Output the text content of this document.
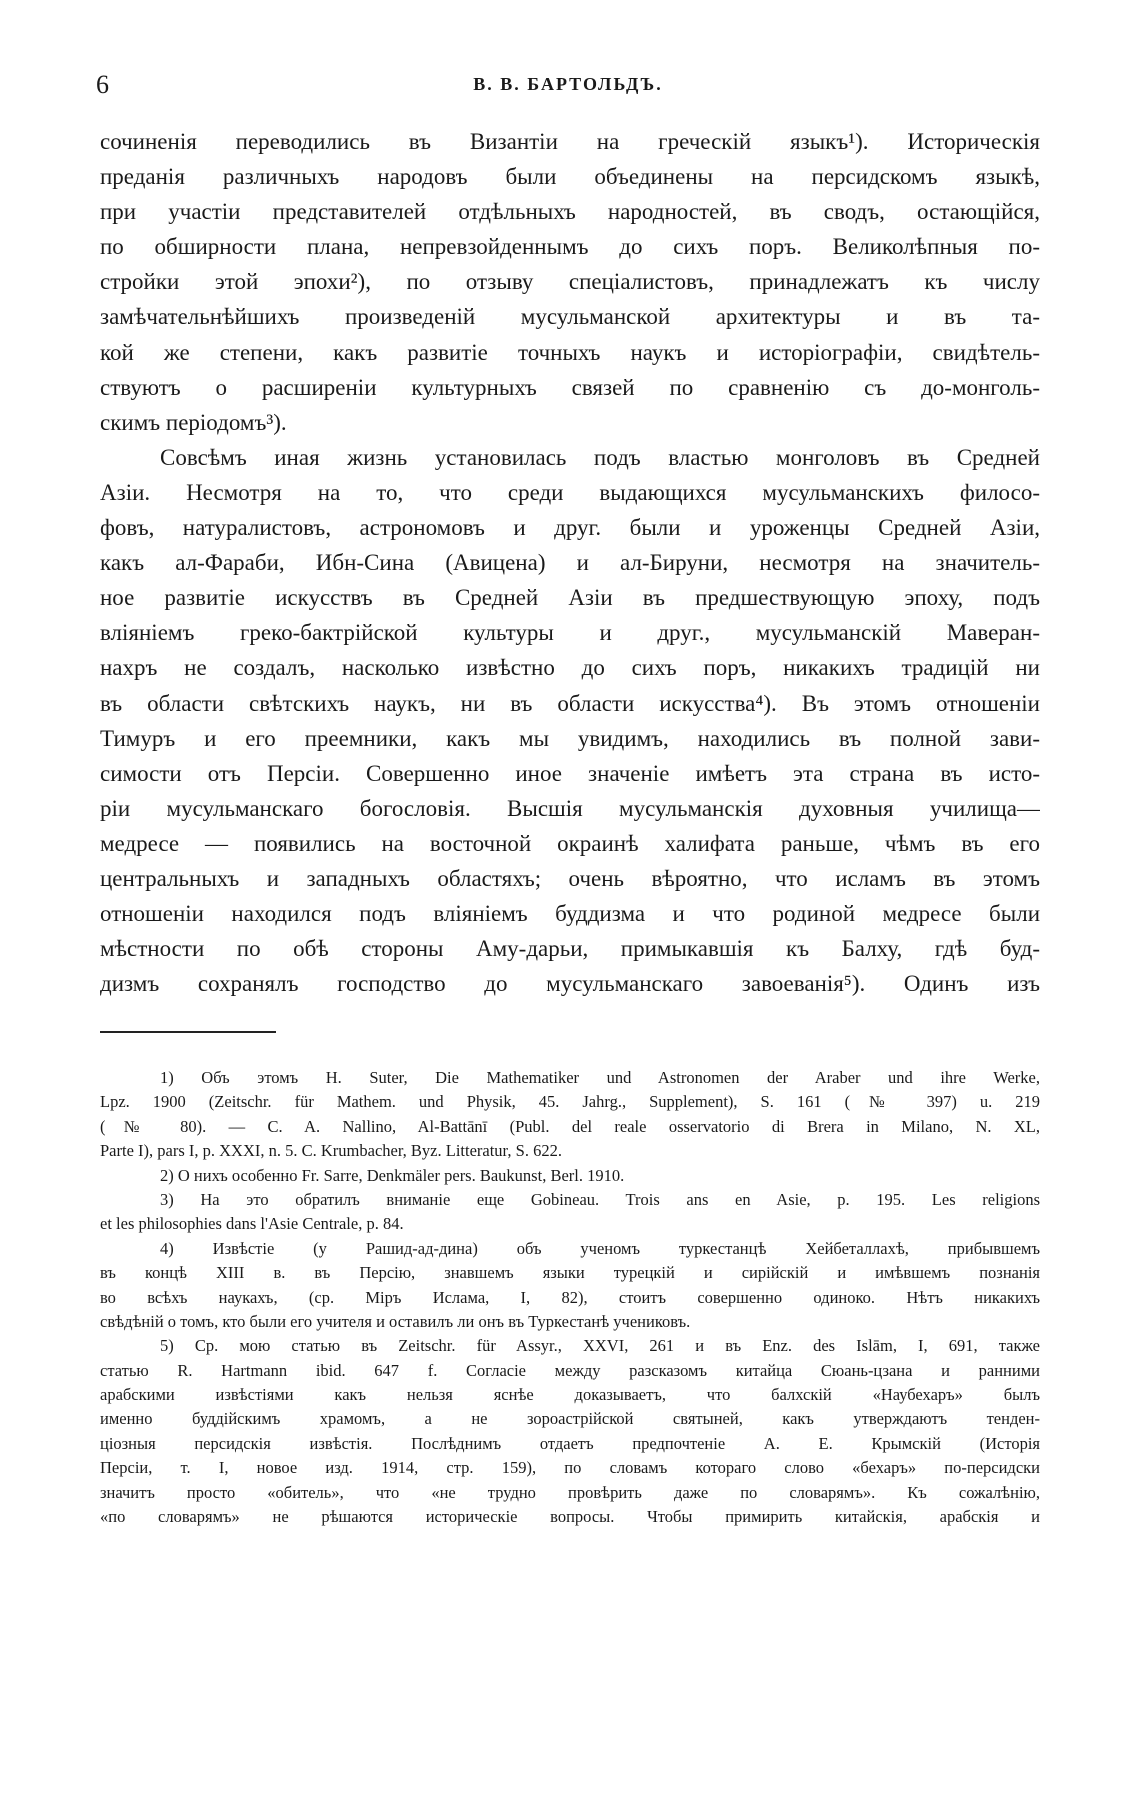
6	В. В. БАРТОЛЬДЪ.
сочиненія переводились въ Византіи на греческій языкъ¹). Историческія
преданія различныхъ народовъ были объединены на персидскомъ языкѣ,
при участіи представителей отдѣльныхъ народностей, въ сводъ, остающійся,
по обширности плана, непревзойденнымъ до сихъ поръ. Великолѣпныя по-
стройки этой эпохи²), по отзыву спеціалистовъ, принадлежатъ къ числу
замѣчательнѣйшихъ произведеній мусульманской архитектуры и въ та-
кой же степени, какъ развитіе точныхъ наукъ и исторіографіи, свидѣтель-
ствуютъ о расширеніи культурныхъ связей по сравненію съ до-монголь-
скимъ періодомъ³).
Совсѣмъ иная жизнь установилась подъ властью монголовъ въ Средней
Азіи. Несмотря на то, что среди выдающихся мусульманскихъ филосо-
фовъ, натуралистовъ, астрономовъ и друг. были и уроженцы Средней Азіи,
какъ ал-Фараби, Ибн-Сина (Авицена) и ал-Бируни, несмотря на значитель-
ное развитіе искусствъ въ Средней Азіи въ предшествующую эпоху, подъ
вліяніемъ греко-бактрійской культуры и друг., мусульманскій Маверан-
нахръ не создалъ, насколько извѣстно до сихъ поръ, никакихъ традицій ни
въ области свѣтскихъ наукъ, ни въ области искусства⁴). Въ этомъ отношеніи
Тимуръ и его преемники, какъ мы увидимъ, находились въ полной зави-
симости отъ Персіи. Совершенно иное значеніе имѣетъ эта страна въ исто-
ріи мусульманскаго богословія. Высшія мусульманскія духовныя училища—
медресе — появились на восточной окраинѣ халифата раньше, чѣмъ въ его
центральныхъ и западныхъ областяхъ; очень вѣроятно, что исламъ въ этомъ
отношеніи находился подъ вліяніемъ буддизма и что родиной медресе были
мѣстности по обѣ стороны Аму-дарьи, примыкавшія къ Балху, гдѣ буд-
дизмъ сохранялъ господство до мусульманскаго завоеванія⁵). Одинъ изъ
1) Объ этомъ H. Suter, Die Mathematiker und Astronomen der Araber und ihre Werke,
Lpz. 1900 (Zeitschr. für Mathem. und Physik, 45. Jahrg., Supplement), S. 161 (№ 397) u. 219
(№ 80). — C. A. Nallino, Al-Battānī (Publ. del reale osservatorio di Brera in Milano, N. XL,
Parte I), pars I, p. XXXI, n. 5. C. Krumbacher, Byz. Litteratur, S. 622.
2) О нихъ особенно Fr. Sarre, Denkmäler pers. Baukunst, Berl. 1910.
3) На это обратилъ вниманіе еще Gobineau. Trois ans en Asie, p. 195. Les religions
et les philosophies dans l'Asie Centrale, p. 84.
4) Извѣстіе (у Рашид-ад-дина) объ ученомъ туркестанцѣ Хейбеталлахѣ, прибывшемъ
въ концѣ XIII в. въ Персію, знавшемъ языки турецкій и сирійскій и имѣвшемъ познанія
во всѣхъ наукахъ, (ср. Міръ Ислама, I, 82), стоитъ совершенно одиноко. Нѣтъ никакихъ
свѣдѣній о томъ, кто были его учителя и оставилъ ли онъ въ Туркестанѣ учениковъ.
5) Ср. мою статью въ Zeitschr. für Assyr., XXVI, 261 и въ Enz. des Islām, I, 691, также
статью R. Hartmann ibid. 647 f. Согласіе между разсказомъ китайца Сюань-цзана и ранними
арабскими извѣстіями какъ нельзя яснѣе доказываетъ, что балхскій «Наубехаръ» былъ
именно буддійскимъ храмомъ, а не зороастрійской святыней, какъ утверждаютъ тенден-
ціозныя персидскія извѣстія. Послѣднимъ отдаетъ предпочтеніе А. Е. Крымскій (Исторія
Персіи, т. I, новое изд. 1914, стр. 159), по словамъ котораго слово «бехаръ» по-персидски
значитъ просто «обитель», что «не трудно провѣрить даже по словарямъ». Къ сожалѣнію,
«по словарямъ» не рѣшаются историческіе вопросы. Чтобы примирить китайскія, арабскія и
